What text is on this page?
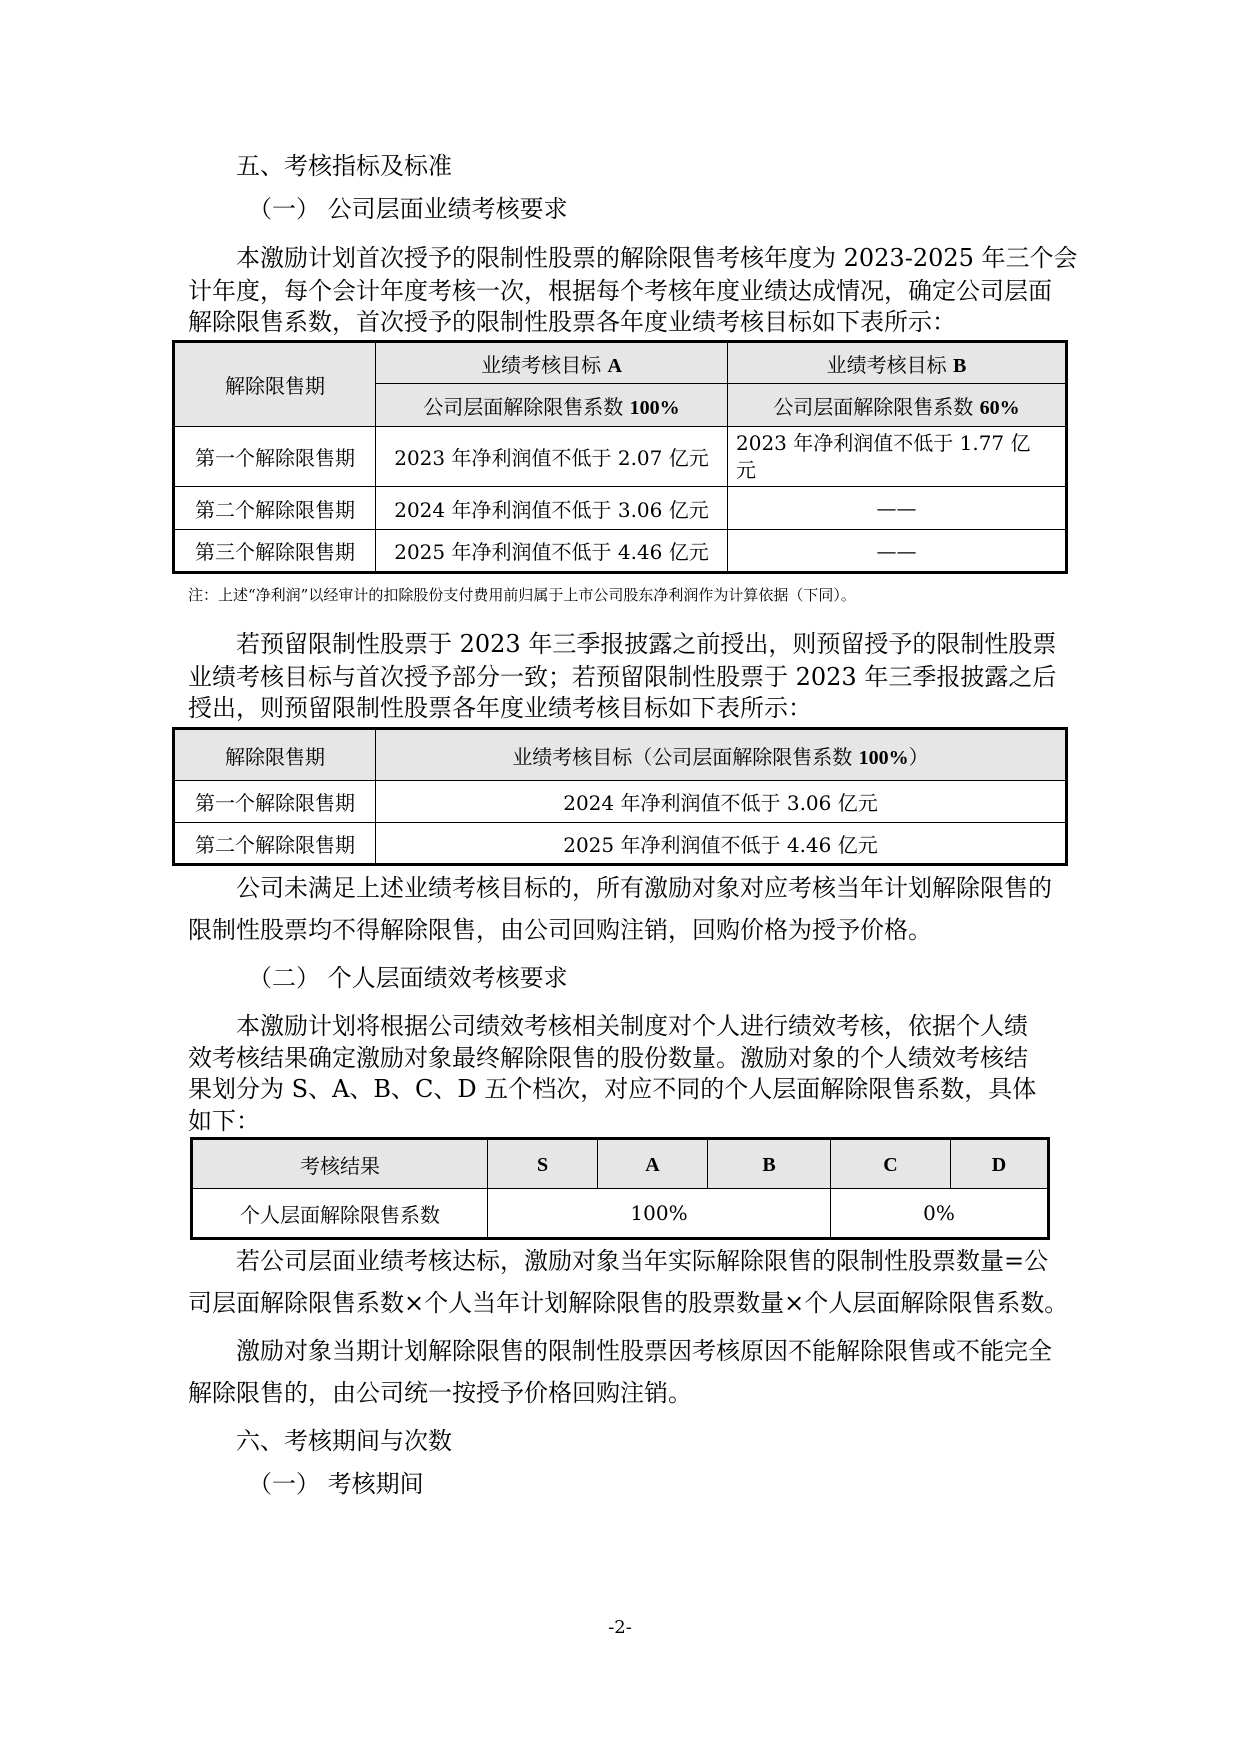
五、考核指标及标准
（一） 公司层面业绩考核要求
本激励计划首次授予的限制性股票的解除限售考核年度为 2023-2025 年三个会
计年度，每个会计年度考核一次，根据每个考核年度业绩达成情况，确定公司层面
解除限售系数，首次授予的限制性股票各年度业绩考核目标如下表所示：
解除限售期	业绩考核目标 A	业绩考核目标 B
	公司层面解除限售系数 100%	公司层面解除限售系数 60%
第一个解除限售期	2023 年净利润值不低于 2.07 亿元	2023 年净利润值不低于 1.77 亿
元

第二个解除限售期	2024 年净利润值不低于 3.06 亿元	——
第三个解除限售期	2025 年净利润值不低于 4.46 亿元	——
注：上述“净利润”以经审计的扣除股份支付费用前归属于上市公司股东净利润作为计算依据（下同）。
若预留限制性股票于 2023 年三季报披露之前授出，则预留授予的限制性股票
业绩考核目标与首次授予部分一致；若预留限制性股票于 2023 年三季报披露之后
授出，则预留限制性股票各年度业绩考核目标如下表所示：
解除限售期	业绩考核目标（公司层面解除限售系数 100%）
第一个解除限售期	2024 年净利润值不低于 3.06 亿元
第二个解除限售期	2025 年净利润值不低于 4.46 亿元
公司未满足上述业绩考核目标的，所有激励对象对应考核当年计划解除限售的
限制性股票均不得解除限售，由公司回购注销，回购价格为授予价格。
（二） 个人层面绩效考核要求
本激励计划将根据公司绩效考核相关制度对个人进行绩效考核，依据个人绩
效考核结果确定激励对象最终解除限售的股份数量。激励对象的个人绩效考核结
果划分为 S、A、B、C、D 五个档次，对应不同的个人层面解除限售系数，具体
如下：
考核结果	S	A	B	C	D
个人层面解除限售系数	100%			0%	
若公司层面业绩考核达标，激励对象当年实际解除限售的限制性股票数量=公
司层面解除限售系数×个人当年计划解除限售的股票数量×个人层面解除限售系数。
激励对象当期计划解除限售的限制性股票因考核原因不能解除限售或不能完全
解除限售的，由公司统一按授予价格回购注销。
六、考核期间与次数
（一） 考核期间
-2-
